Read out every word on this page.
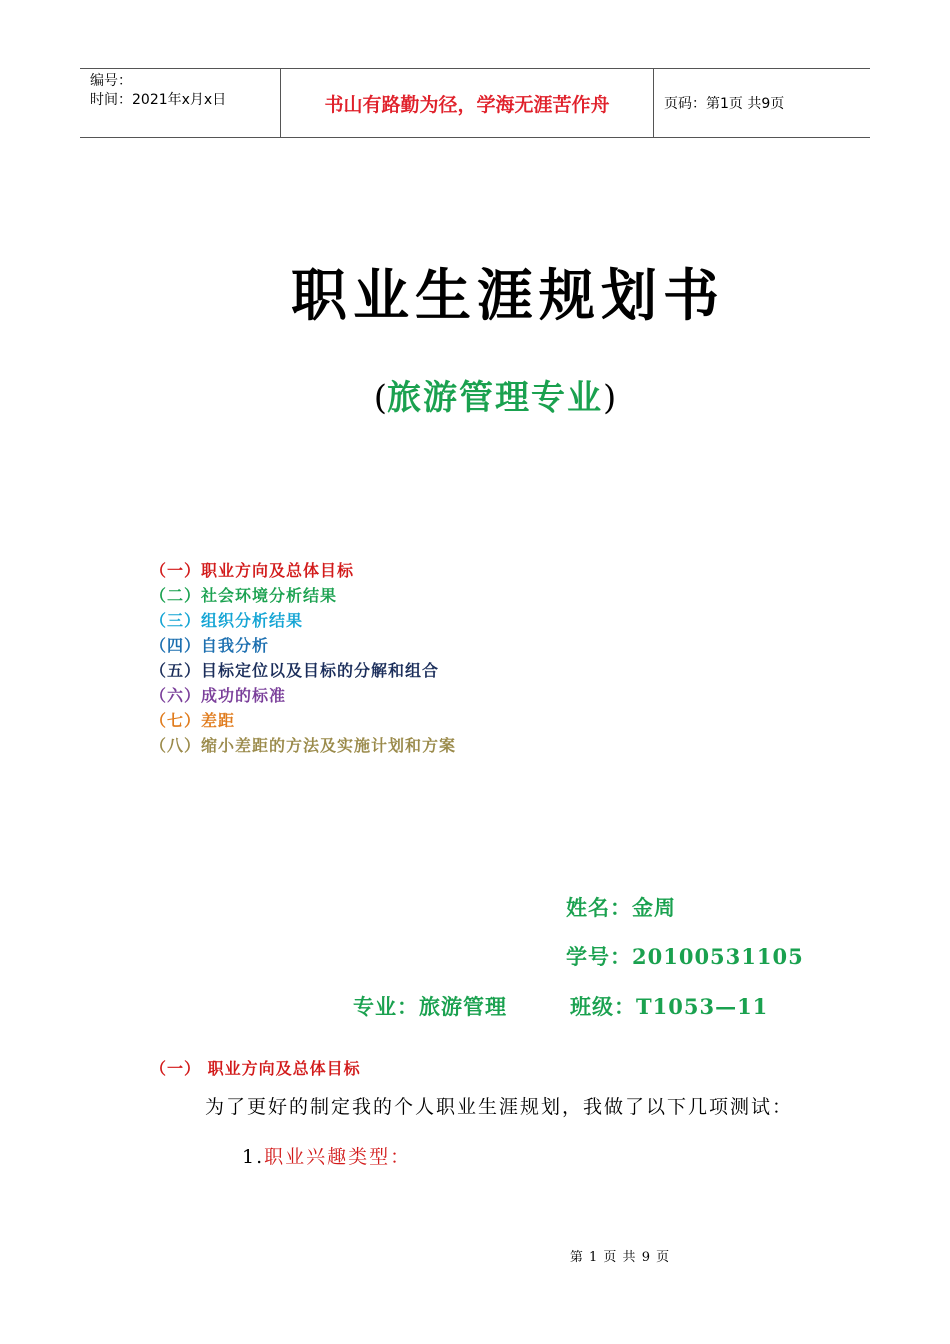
编号：
时间：2021年x月x日	书山有路勤为径，学海无涯苦作舟	页码：第1页 共9页
职业生涯规划书
(旅游管理专业)
（一）职业方向及总体目标
（二）社会环境分析结果
（三）组织分析结果
（四）自我分析
（五）目标定位以及目标的分解和组合
（六）成功的标准
（七）差距
（八）缩小差距的方法及实施计划和方案
姓名：金周
学号：20100531105
专业：旅游管理	班级：T1053—11
（一） 职业方向及总体目标
为了更好的制定我的个人职业生涯规划，我做了以下几项测试：
1.职业兴趣类型：
第 1 页 共 9 页
